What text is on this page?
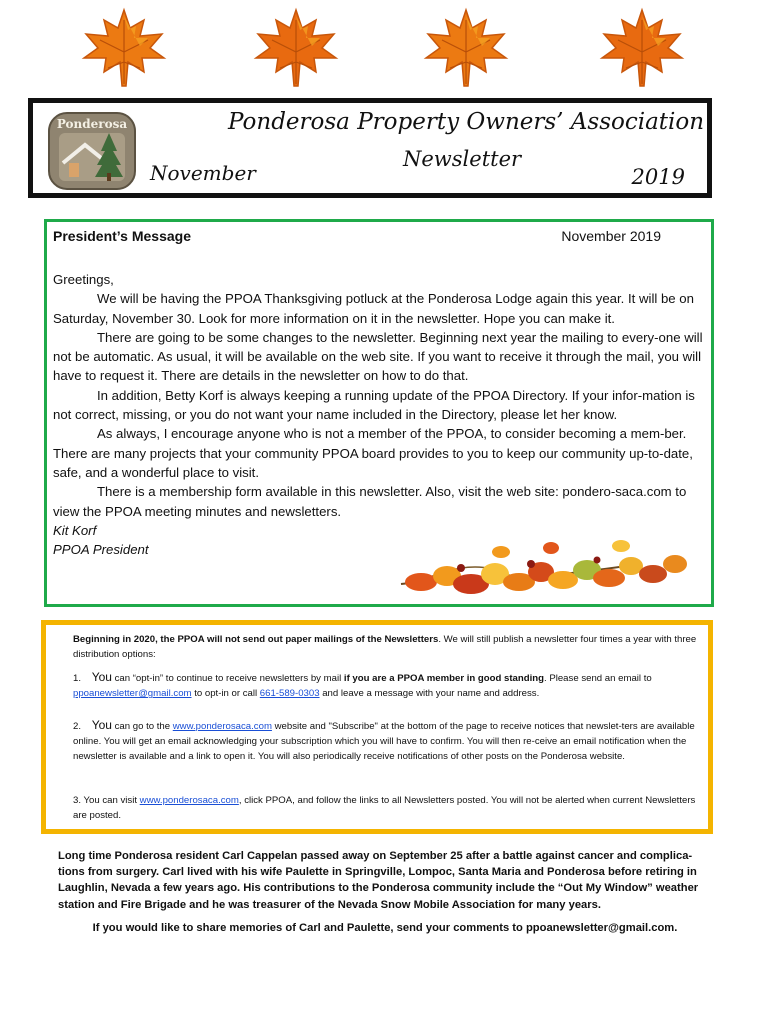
Ponderosa	Ponderosa Property Owners’ Association
Newsletter
November	2019
President’s Message	November 2019

Greetings,

We will be having the PPOA Thanksgiving potluck at the Ponderosa Lodge again this year. It will be on Saturday, November 30. Look for more information on it in the newsletter. Hope you can make it.

There are going to be some changes to the newsletter. Beginning next year the mailing to every-one will not be automatic. As usual, it will be available on the web site. If you want to receive it through the mail, you will have to request it. There are details in the newsletter on how to do that.

In addition, Betty Korf is always keeping a running update of the PPOA Directory. If your infor-mation is not correct, missing, or you do not want your name included in the Directory, please let her know.

As always, I encourage anyone who is not a member of the PPOA, to consider becoming a mem-ber. There are many projects that your community PPOA board provides to you to keep our community up-to-date, safe, and a wonderful place to visit.

There is a membership form available in this newsletter. Also, visit the web site: pondero-saca.com to view the PPOA meeting minutes and newsletters.

Kit Korf

PPOA President

Beginning in 2020, the PPOA will not send out paper mailings of the Newsletters. We will still publish a newsletter four times a year with three distribution options:

1. You can “opt-in” to continue to receive newsletters by mail if you are a PPOA member in good standing. Please send an email to ppoanewsletter@gmail.com to opt-in or call 661-589-0303 and leave a message with your name and address.

2. You can go to the www.ponderosaca.com website and "Subscribe" at the bottom of the page to receive notices that newslet-ters are available online. You will get an email acknowledging your subscription which you will have to confirm. You will then re-ceive an email notification when the newsletter is available and a link to open it. You will also periodically receive notifications of other posts on the Ponderosa website.

3. You can visit www.ponderosaca.com, click PPOA, and follow the links to all Newsletters posted. You will not be alerted when current Newsletters are posted.

Long time Ponderosa resident Carl Cappelan passed away on September 25 after a battle against cancer and complica-tions from surgery. Carl lived with his wife Paulette in Springville, Lompoc, Santa Maria and Ponderosa before retiring in Laughlin, Nevada a few years ago. His contributions to the Ponderosa community include the “Out My Window” weather station and Fire Brigade and he was treasurer of the Nevada Snow Mobile Association for many years.

If you would like to share memories of Carl and Paulette, send your comments to ppoanewsletter@gmail.com.
